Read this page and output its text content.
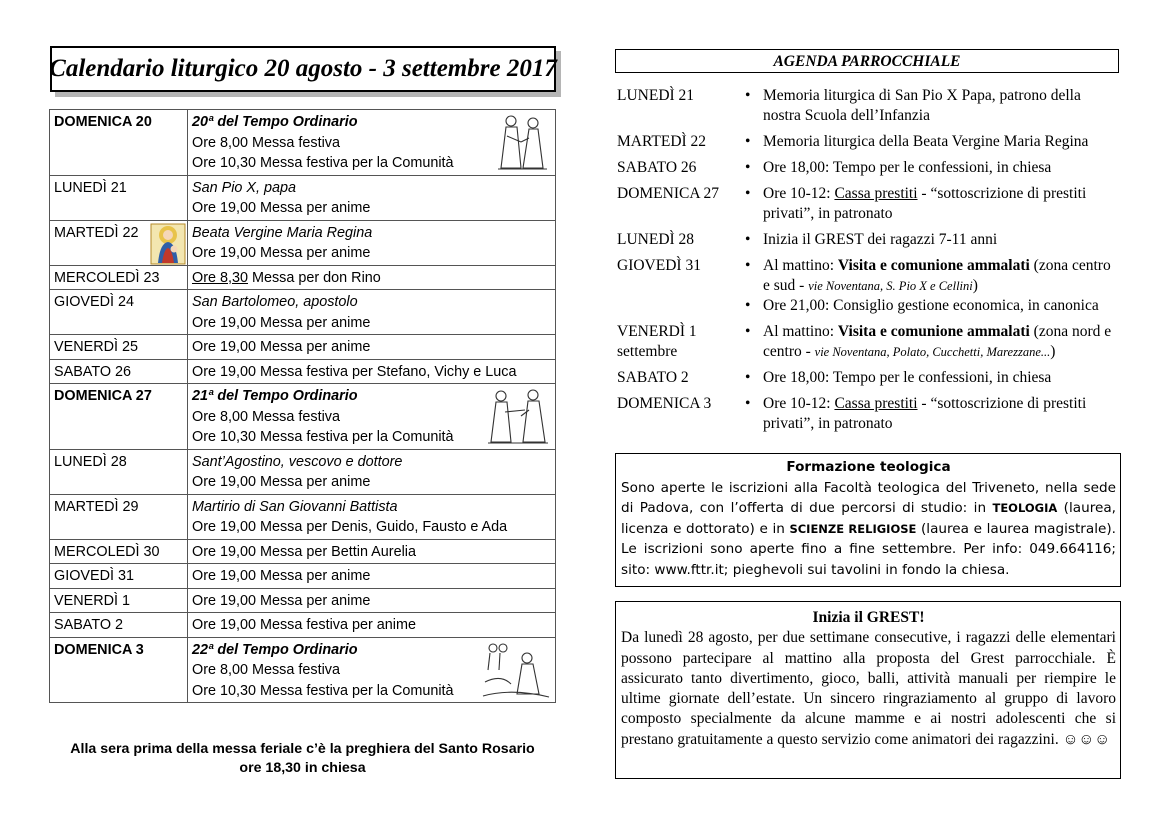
Calendario liturgico 20 agosto - 3 settembre 2017
DOMENICA 20	20ª del Tempo Ordinario
Ore 8,00 Messa festiva
Ore 10,30 Messa festiva per la Comunità

LUNEDÌ 21	San Pio X, papa
Ore 19,00 Messa per anime

MARTEDÌ 22	Beata Vergine Maria Regina
Ore 19,00 Messa per anime

MERCOLEDÌ 23	Ore 8,30 Messa per don Rino

GIOVEDÌ 24	San Bartolomeo, apostolo
Ore 19,00 Messa per anime

VENERDÌ 25	Ore 19,00 Messa per anime

SABATO 26	Ore 19,00 Messa festiva per Stefano, Vichy e Luca

DOMENICA 27	21ª del Tempo Ordinario
Ore 8,00 Messa festiva
Ore 10,30 Messa festiva per la Comunità

LUNEDÌ 28	Sant’Agostino, vescovo e dottore
Ore 19,00 Messa per anime

MARTEDÌ 29	Martirio di San Giovanni Battista
Ore 19,00 Messa per Denis, Guido, Fausto e Ada

MERCOLEDÌ 30	Ore 19,00 Messa per Bettin Aurelia

GIOVEDÌ 31	Ore 19,00 Messa per anime

VENERDÌ 1	Ore 19,00 Messa per anime

SABATO 2	Ore 19,00 Messa festiva per anime

DOMENICA 3	22ª del Tempo Ordinario
Ore 8,00 Messa festiva
Ore 10,30 Messa festiva per la Comunità
Alla sera prima della messa feriale c’è la preghiera del Santo Rosario
ore 18,30 in chiesa
AGENDA PARROCCHIALE
LUNEDÌ 21	• Memoria liturgica di San Pio X Papa, patrono della nostra Scuola dell’Infanzia
MARTEDÌ 22	• Memoria liturgica della Beata Vergine Maria Regina
SABATO 26	• Ore 18,00: Tempo per le confessioni, in chiesa
DOMENICA 27	• Ore 10-12: Cassa prestiti - “sottoscrizione di prestiti privati”, in patronato
LUNEDÌ 28	• Inizia il GREST dei ragazzi 7-11 anni
GIOVEDÌ 31	• Al mattino: Visita e comunione ammalati (zona centro e sud - vie Noventana, S. Pio X e Cellini)
• Ore 21,00: Consiglio gestione economica, in canonica
VENERDÌ 1
settembre
• Al mattino: Visita e comunione ammalati (zona nord e centro - vie Noventana, Polato, Cucchetti, Marezzane...)
SABATO 2	• Ore 18,00: Tempo per le confessioni, in chiesa
DOMENICA 3	• Ore 10-12: Cassa prestiti - “sottoscrizione di prestiti privati”, in patronato
Formazione teologica
Sono aperte le iscrizioni alla Facoltà teologica del Triveneto, nella sede di Padova, con l’offerta di due percorsi di studio: in TEOLOGIA (laurea, licenza e dottorato) e in SCIENZE RELIGIOSE (laurea e laurea magistrale). Le iscrizioni sono aperte fino a fine settembre. Per info: 049.664116; sito: www.fttr.it; pieghevoli sui tavolini in fondo la chiesa.
Inizia il GREST!
Da lunedì 28 agosto, per due settimane consecutive, i ragazzi delle elementari possono partecipare al mattino alla proposta del Grest parrocchiale. È assicurato tanto divertimento, gioco, balli, attività manuali per riempire le ultime giornate dell’estate. Un sincero ringraziamento al gruppo di lavoro composto specialmente da alcune mamme e ai nostri adolescenti che si prestano gratuitamente a questo servizio come animatori dei ragazzini. ☺☺☺
